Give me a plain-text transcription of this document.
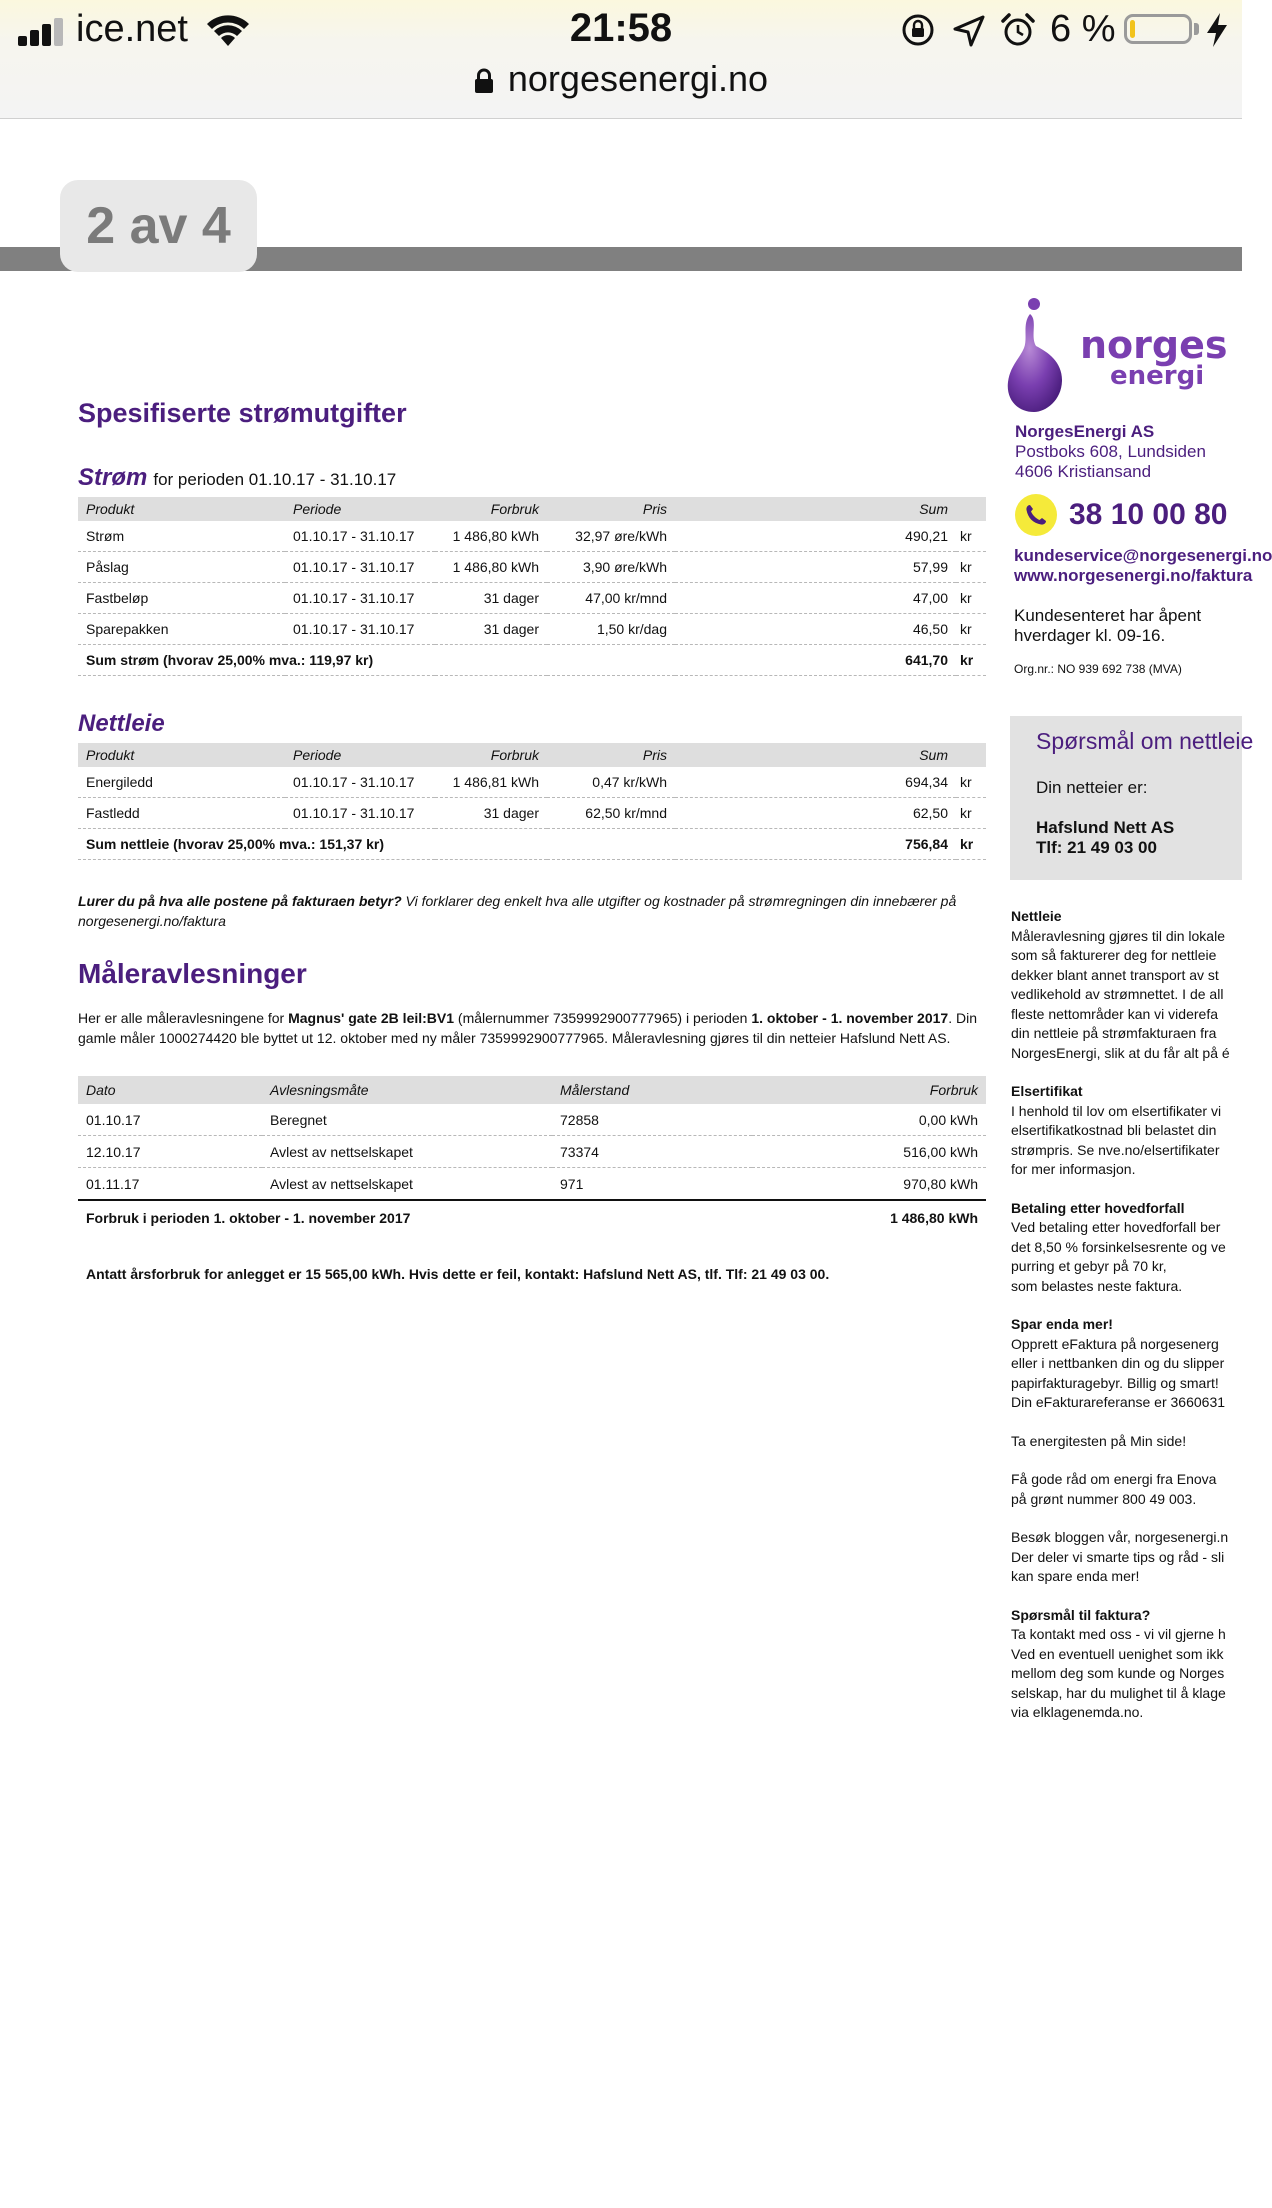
ice.net	21:58	6 %
norgesenergi.no
2 av 4
Spesifiserte strømutgifter
Strøm for perioden 01.10.17 - 31.10.17
Produkt	Periode	Forbruk	Pris	Sum	
Strøm	01.10.17 - 31.10.17	1 486,80 kWh	32,97 øre/kWh	490,21	kr
Påslag	01.10.17 - 31.10.17	1 486,80 kWh	3,90 øre/kWh	57,99	kr
Fastbeløp	01.10.17 - 31.10.17	31 dager	47,00 kr/mnd	47,00	kr
Sparepakken	01.10.17 - 31.10.17	31 dager	1,50 kr/dag	46,50	kr
Sum strøm (hvorav 25,00% mva.: 119,97 kr)				641,70	kr
Nettleie
Produkt	Periode	Forbruk	Pris	Sum	
Energiledd	01.10.17 - 31.10.17	1 486,81 kWh	0,47 kr/kWh	694,34	kr
Fastledd	01.10.17 - 31.10.17	31 dager	62,50 kr/mnd	62,50	kr
Sum nettleie (hvorav 25,00% mva.: 151,37 kr)				756,84	kr
Lurer du på hva alle postene på fakturaen betyr? Vi forklarer deg enkelt hva alle utgifter og kostnader på strømregningen din innebærer på norgesenergi.no/faktura
Måleravlesninger
Her er alle måleravlesningene for Magnus' gate 2B leil:BV1 (målernummer 7359992900777965) i perioden 1. oktober - 1. november 2017. Din gamle måler 1000274420 ble byttet ut 12. oktober med ny måler 7359992900777965. Måleravlesning gjøres til din netteier Hafslund Nett AS.
Dato	Avlesningsmåte	Målerstand	Forbruk
01.10.17	Beregnet	72858	0,00 kWh
12.10.17	Avlest av nettselskapet	73374	516,00 kWh
01.11.17	Avlest av nettselskapet	971	970,80 kWh
Forbruk i perioden 1. oktober - 1. november 2017			1 486,80 kWh
Antatt årsforbruk for anlegget er 15 565,00 kWh. Hvis dette er feil, kontakt: Hafslund Nett AS, tlf. Tlf: 21 49 03 00.
norges
energi
NorgesEnergi AS
Postboks 608, Lundsiden
4606 Kristiansand
38 10 00 80
kundeservice@norgesenergi.no
www.norgesenergi.no/faktura
Kundesenteret har åpent
hverdager kl. 09-16.
Org.nr.: NO 939 692 738 (MVA)
Spørsmål om nettleie
Din netteier er:
Hafslund Nett AS
Tlf: 21 49 03 00
Nettleie
Måleravlesning gjøres til din lokale
som så fakturerer deg for nettleie
dekker blant annet transport av st
vedlikehold av strømnettet. I de all
fleste nettområder kan vi viderefa
din nettleie på strømfakturaen fra
NorgesEnergi, slik at du får alt på é
Elsertifikat
I henhold til lov om elsertifikater vi
elsertifikatkostnad bli belastet din
strømpris. Se nve.no/elsertifikater
for mer informasjon.
Betaling etter hovedforfall
Ved betaling etter hovedforfall ber
det 8,50 % forsinkelsesrente og ve
purring et gebyr på 70 kr,
som belastes neste faktura.
Spar enda mer!
Opprett eFaktura på norgesenerg
eller i nettbanken din og du slipper
papirfakturagebyr. Billig og smart!
Din eFakturareferanse er 3660631
Ta energitesten på Min side!
Få gode råd om energi fra Enova
på grønt nummer 800 49 003.
Besøk bloggen vår, norgesenergi.n
Der deler vi smarte tips og råd - sli
kan spare enda mer!
Spørsmål til faktura?
Ta kontakt med oss - vi vil gjerne h
Ved en eventuell uenighet som ikk
mellom deg som kunde og Norges
selskap, har du mulighet til å klage
via elklagenemda.no.
